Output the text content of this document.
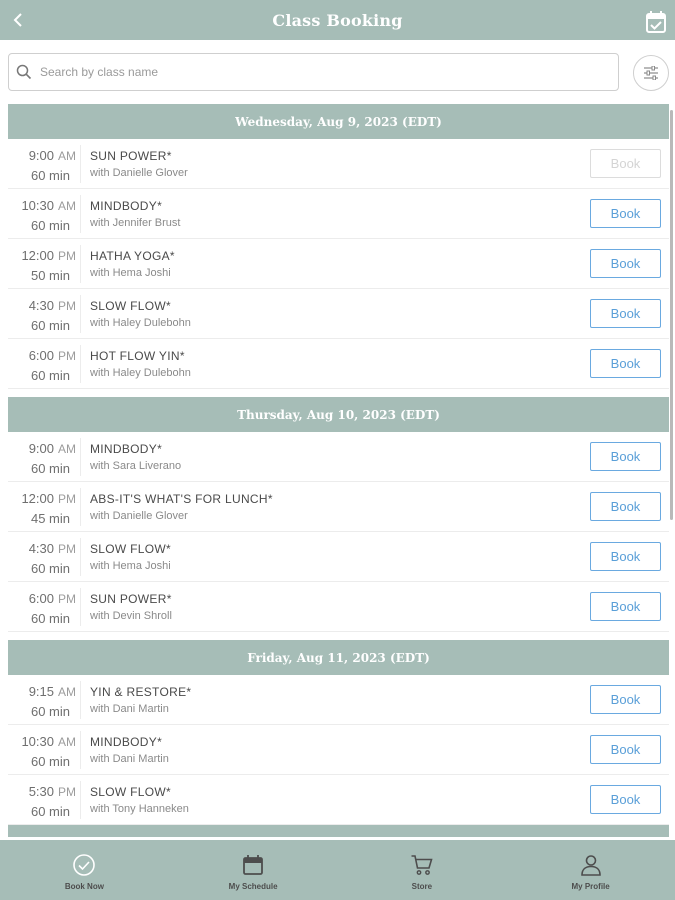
Class Booking
Search by class name
Wednesday, Aug 9, 2023 (EDT)
9:00 AM
60 min
SUN POWER*
with Danielle Glover
Book
10:30 AM
60 min
MINDBODY*
with Jennifer Brust
Book
12:00 PM
50 min
HATHA YOGA*
with Hema Joshi
Book
4:30 PM
60 min
SLOW FLOW*
with Haley Dulebohn
Book
6:00 PM
60 min
HOT FLOW YIN*
with Haley Dulebohn
Book
Thursday, Aug 10, 2023 (EDT)
9:00 AM
60 min
MINDBODY*
with Sara Liverano
Book
12:00 PM
45 min
ABS-IT'S WHAT'S FOR LUNCH*
with Danielle Glover
Book
4:30 PM
60 min
SLOW FLOW*
with Hema Joshi
Book
6:00 PM
60 min
SUN POWER*
with Devin Shroll
Book
Friday, Aug 11, 2023 (EDT)
9:15 AM
60 min
YIN & RESTORE*
with Dani Martin
Book
10:30 AM
60 min
MINDBODY*
with Dani Martin
Book
5:30 PM
60 min
SLOW FLOW*
with Tony Hanneken
Book
Book Now	My Schedule	Store	My Profile
